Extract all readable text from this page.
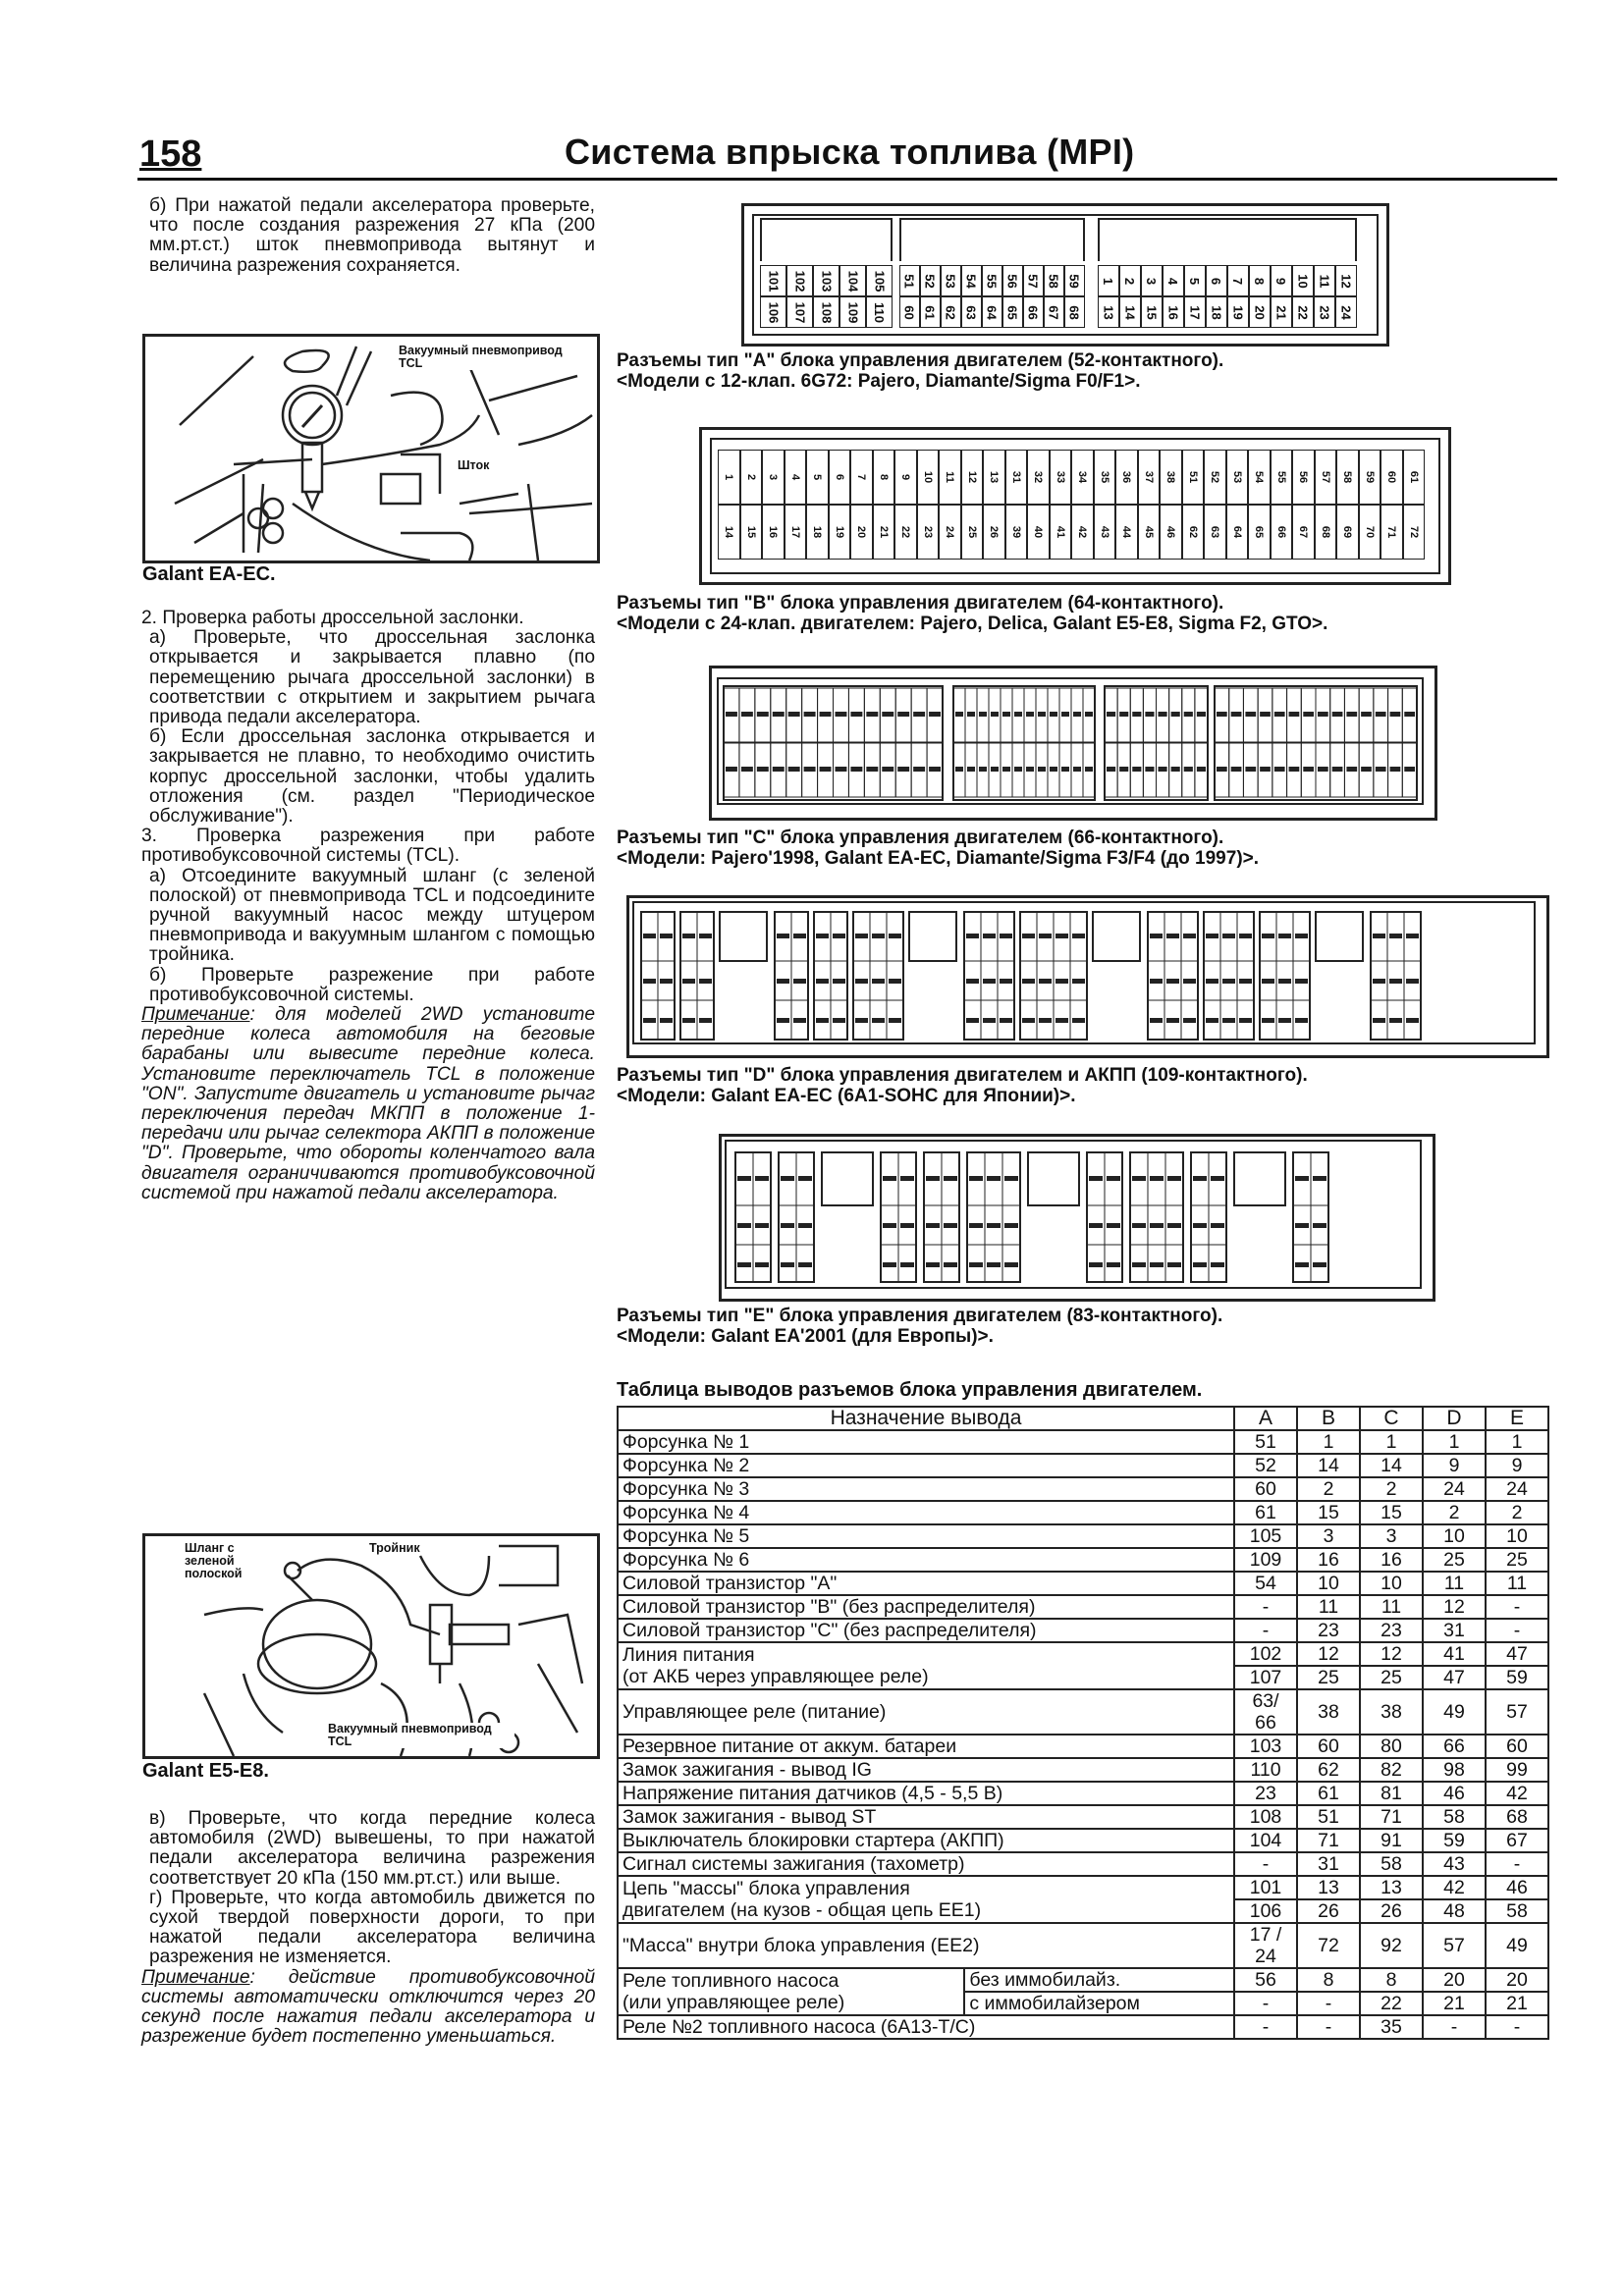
158	Система впрыска топлива (MPI)

б) При нажатой педали акселератора проверьте, что после создания разрежения 27 кПа (200 мм.рт.ст.) шток пневмопривода вытянут и величина разрежения сохраняется.

Вакуумный пневмопривод TCL
Шток
Galant EA-EC.

2. Проверка работы дроссельной заслонки.

а) Проверьте, что дроссельная заслонка открывается и закрывается плавно (по перемещению рычага дроссельной заслонки) в соответствии с открытием и закрытием рычага привода педали акселератора.

б) Если дроссельная заслонка открывается и закрывается не плавно, то необходимо очистить корпус дроссельной заслонки, чтобы удалить отложения (см. раздел "Периодическое обслуживание").

3. Проверка разрежения при работе противобуксовочной системы (TCL).

а) Отсоедините вакуумный шланг (с зеленой полоской) от пневмопривода TCL и подсоедините ручной вакуумный насос между штуцером пневмопривода и вакуумным шлангом с помощью тройника.

б) Проверьте разрежение при работе противобуксовочной системы.

Примечание: для моделей 2WD установите передние колеса автомобиля на беговые барабаны или вывесите передние колеса. Установите переключатель TCL в положение "ON". Запустите двигатель и установите рычаг переключения передач МКПП в положение 1-передачи или рычаг селектора АКПП в положение "D". Проверьте, что обороты коленчатого вала двигателя ограничиваются противобуксовочной системой при нажатой педали акселератора.

Шланг с зеленой полоской
Тройник
Вакуумный пневмопривод TCL
Galant E5-E8.

в) Проверьте, что когда передние колеса автомобиля (2WD) вывешены, то при нажатой педали акселератора величина разрежения соответствует 20 кПа (150 мм.рт.ст.) или выше.

г) Проверьте, что когда автомобиль движется по сухой твердой поверхности дороги, то при нажатой педали акселератора величина разрежения не изменяется.

Примечание: действие противобуксовочной системы автоматически отключится через 20 секунд после нажатия педали акселератора и разрежение будет постепенно уменьшаться.

101 102 103 104 105
106 107 108 109 110
51 52 53 54 55 56 57 58 59
60 61 62 63 64 65 66 67 68
1 2 3 4 5 6 7 8 9 10 11 12
13 14 15 16 17 18 19 20 21 22 23 24
Разъемы тип "А" блока управления двигателем (52-контактного).
<Модели с 12-клап. 6G72: Pajero, Diamante/Sigma F0/F1>.
1 2 3 4 5 6 7 8 9 10 11 12 13 31 32 33 34 35 36 37 38 51 52 53 54 55 56 57 58 59 60 61
14 15 16 17 18 19 20 21 22 23 24 25 26 39 40 41 42 43 44 45 46 62 63 64 65 66 67 68 69 70 71 72
Разъемы тип "В" блока управления двигателем (64-контактного).
<Модели с 24-клап. двигателем: Pajero, Delica, Galant E5-E8, Sigma F2, GTO>.
Разъемы тип "С" блока управления двигателем (66-контактного).
<Модели: Pajero'1998, Galant EA-EC, Diamante/Sigma F3/F4 (до 1997)>.
Разъемы тип "D" блока управления двигателем и АКПП (109-контактного).
<Модели: Galant EA-EC (6A1-SOHC для Японии)>.
Разъемы тип "Е" блока управления двигателем (83-контактного).
<Модели: Galant EA'2001 (для Европы)>.
Таблица выводов разъемов блока управления двигателем.
Назначение вывода		A	B	C	D	E
Форсунка № 1		51	1	1	1	1
Форсунка № 2		52	14	14	9	9
Форсунка № 3		60	2	2	24	24
Форсунка № 4		61	15	15	2	2
Форсунка № 5		105	3	3	10	10
Форсунка № 6		109	16	16	25	25
Силовой транзистор "А"		54	10	10	11	11
Силовой транзистор "В" (без распределителя)		-	11	11	12	-
Силовой транзистор "С" (без распределителя)		-	23	23	31	-

Линия питания
(от АКБ через управляющее реле)		102	12	12	41	47
		107	25	25	47	59
Управляющее реле (питание)		63/ 66	38	38	49	57
Резервное питание от аккум. батареи		103	60	80	66	60
Замок зажигания - вывод IG		110	62	82	98	99
Напряжение питания датчиков (4,5 - 5,5 В)		23	61	81	46	42
Замок зажигания - вывод ST		108	51	71	58	68
Выключатель блокировки стартера (АКПП)		104	71	91	59	67
Сигнал системы зажигания (тахометр)		-	31	58	43	-

Цепь "массы" блока управления
двигателем (на кузов - общая цепь ЕЕ1)		101	13	13	42	46
		106	26	26	48	58
"Масса" внутри блока управления (ЕЕ2)		17 / 24	72	92	57	49

Реле топливного насоса
(или управляющее реле)	без иммобилайз.	56	8	8	20	20
	с иммобилайзером	-	-	22	21	21
Реле №2 топливного насоса (6A13-T/C)		-	-	35	-	-
